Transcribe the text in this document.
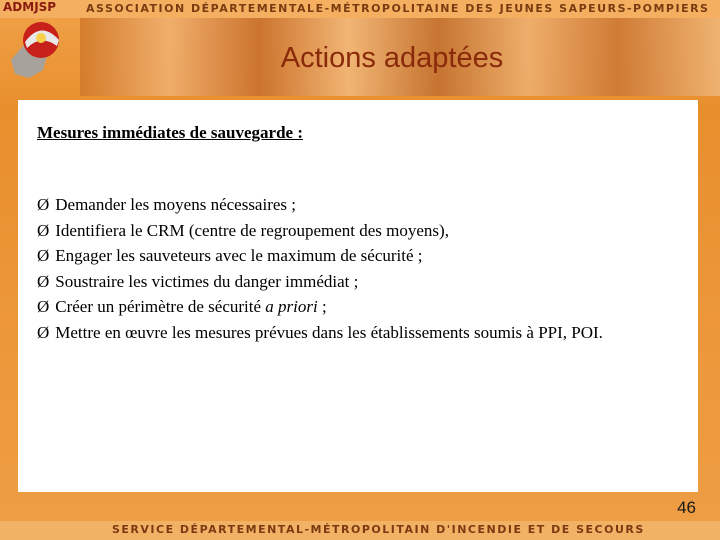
ASSOCIATION DÉPARTEMENTALE-MÉTROPOLITAINE DES JEUNES SAPEURS-POMPIERS
ADMJSP
Actions adaptées
Mesures immédiates de sauvegarde :
Ø Demander les moyens nécessaires ;
Ø Identifiera le CRM (centre de regroupement des moyens),
Ø Engager les sauveteurs avec le maximum de sécurité ;
Ø Soustraire les victimes du danger immédiat ;
Ø Créer un périmètre de sécurité a priori ;
Ø Mettre en œuvre les mesures prévues dans les établissements soumis à PPI, POI.
46
SERVICE DÉPARTEMENTAL-MÉTROPOLITAIN D'INCENDIE ET DE SECOURS
